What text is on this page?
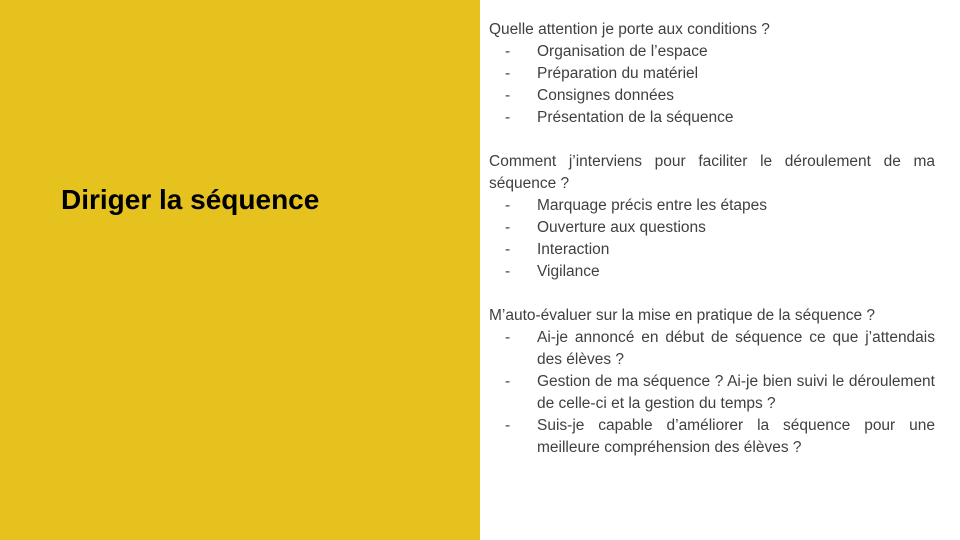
Diriger la séquence

Quelle attention je porte aux conditions ?

- Organisation de l’espace
- Préparation du matériel
- Consignes données
- Présentation de la séquence

Comment j’interviens pour faciliter le déroulement de ma séquence ?

- Marquage précis entre les étapes
- Ouverture aux questions
- Interaction
- Vigilance

M’auto-évaluer sur la mise en pratique de la séquence ?

- Ai-je annoncé en début de séquence ce que j’attendais des élèves ?
- Gestion de ma séquence ? Ai-je bien suivi le déroulement de celle-ci et la gestion du temps ?
- Suis-je capable d’améliorer la séquence pour une meilleure compréhension des élèves ?
